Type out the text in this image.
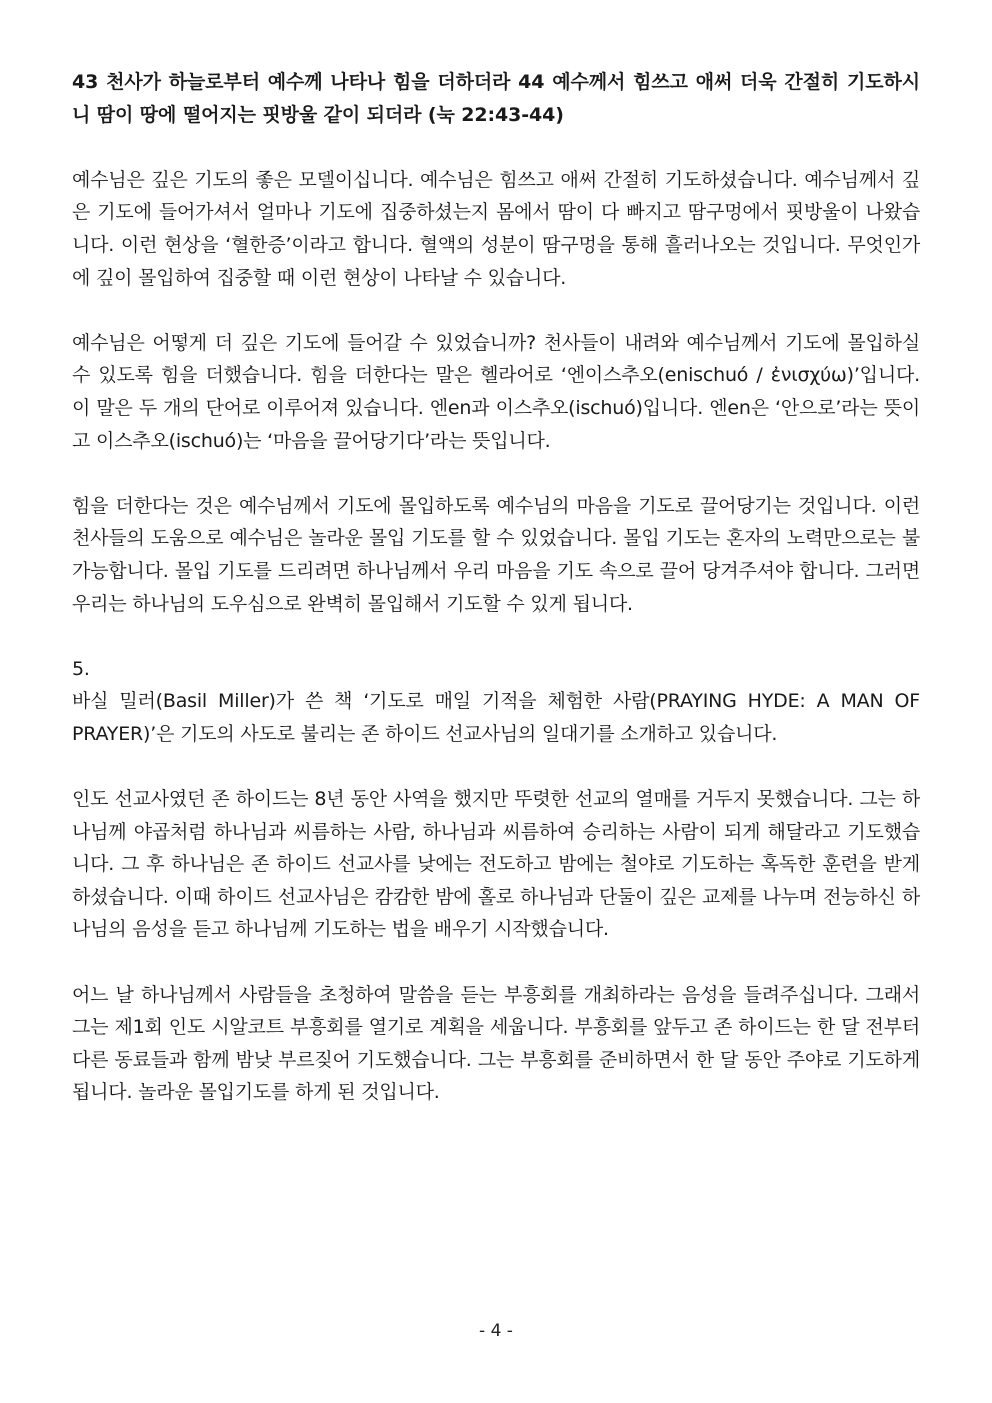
43 천사가 하늘로부터 예수께 나타나 힘을 더하더라 44 예수께서 힘쓰고 애써 더욱 간절히 기도하시니 땀이 땅에 떨어지는 핏방울 같이 되더라 (눅 22:43-44)

예수님은 깊은 기도의 좋은 모델이십니다. 예수님은 힘쓰고 애써 간절히 기도하셨습니다. 예수님께서 깊은 기도에 들어가셔서 얼마나 기도에 집중하셨는지 몸에서 땀이 다 빠지고 땀구멍에서 핏방울이 나왔습니다. 이런 현상을 ‘혈한증’이라고 합니다. 혈액의 성분이 땀구멍을 통해 흘러나오는 것입니다. 무엇인가에 깊이 몰입하여 집중할 때 이런 현상이 나타날 수 있습니다.

예수님은 어떻게 더 깊은 기도에 들어갈 수 있었습니까? 천사들이 내려와 예수님께서 기도에 몰입하실 수 있도록 힘을 더했습니다. 힘을 더한다는 말은 헬라어로 ‘엔이스추오(enischuó / ἐνισχύω)’입니다. 이 말은 두 개의 단어로 이루어져 있습니다. 엔en과 이스추오(ischuó)입니다. 엔en은 ‘안으로’라는 뜻이고 이스추오(ischuó)는 ‘마음을 끌어당기다’라는 뜻입니다.

힘을 더한다는 것은 예수님께서 기도에 몰입하도록 예수님의 마음을 기도로 끌어당기는 것입니다. 이런 천사들의 도움으로 예수님은 놀라운 몰입 기도를 할 수 있었습니다. 몰입 기도는 혼자의 노력만으로는 불가능합니다. 몰입 기도를 드리려면 하나님께서 우리 마음을 기도 속으로 끌어 당겨주셔야 합니다. 그러면 우리는 하나님의 도우심으로 완벽히 몰입해서 기도할 수 있게 됩니다.

5.

바실 밀러(Basil Miller)가 쓴 책 ‘기도로 매일 기적을 체험한 사람(PRAYING HYDE: A MAN OF PRAYER)’은 기도의 사도로 불리는 존 하이드 선교사님의 일대기를 소개하고 있습니다.

인도 선교사였던 존 하이드는 8년 동안 사역을 했지만 뚜렷한 선교의 열매를 거두지 못했습니다. 그는 하나님께 야곱처럼 하나님과 씨름하는 사람, 하나님과 씨름하여 승리하는 사람이 되게 해달라고 기도했습니다. 그 후 하나님은 존 하이드 선교사를 낮에는 전도하고 밤에는 철야로 기도하는 혹독한 훈련을 받게 하셨습니다. 이때 하이드 선교사님은 캄캄한 밤에 홀로 하나님과 단둘이 깊은 교제를 나누며 전능하신 하나님의 음성을 듣고 하나님께 기도하는 법을 배우기 시작했습니다.

어느 날 하나님께서 사람들을 초청하여 말씀을 듣는 부흥회를 개최하라는 음성을 들려주십니다. 그래서 그는 제1회 인도 시알코트 부흥회를 열기로 계획을 세웁니다. 부흥회를 앞두고 존 하이드는 한 달 전부터 다른 동료들과 함께 밤낮 부르짖어 기도했습니다. 그는 부흥회를 준비하면서 한 달 동안 주야로 기도하게 됩니다. 놀라운 몰입기도를 하게 된 것입니다.

- 4 -
